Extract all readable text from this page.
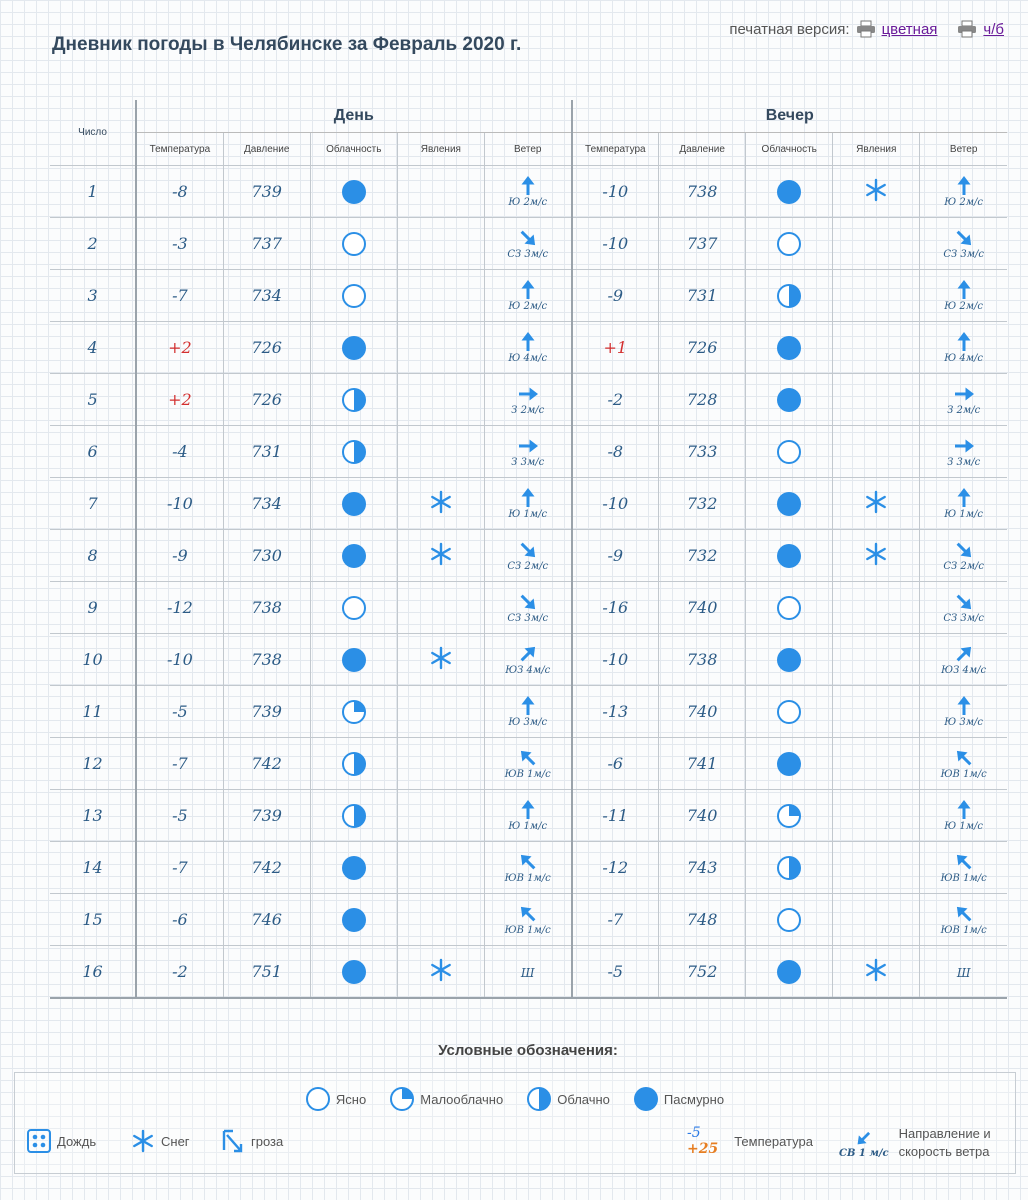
Дневник погоды в Челябинске за Февраль 2020 г.
печатная версия: цветная	ч/б
Число	День					Вечер				
	Температура	Давление	Облачность	Явления	Ветер	Температура	Давление	Облачность	Явления	Ветер
1	-8	739			Ю 2м/с	-10	738			Ю 2м/с

2	-3	737			СЗ 3м/с	-10	737			СЗ 3м/с

3	-7	734			Ю 2м/с	-9	731			Ю 2м/с

4	+2	726			Ю 4м/с	+1	726			Ю 4м/с

5	+2	726			З 2м/с	-2	728			З 2м/с

6	-4	731			З 3м/с	-8	733			З 3м/с

7	-10	734			Ю 1м/с	-10	732			Ю 1м/с

8	-9	730			СЗ 2м/с	-9	732			СЗ 2м/с

9	-12	738			СЗ 3м/с	-16	740			СЗ 3м/с

10	-10	738			ЮЗ 4м/с	-10	738			ЮЗ 4м/с

11	-5	739			Ю 3м/с	-13	740			Ю 3м/с

12	-7	742			ЮВ 1м/с	-6	741			ЮВ 1м/с

13	-5	739			Ю 1м/с	-11	740			Ю 1м/с

14	-7	742			ЮВ 1м/с	-12	743			ЮВ 1м/с

15	-6	746			ЮВ 1м/с	-7	748			ЮВ 1м/с

16	-2	751			Ш	-5	752			Ш
Условные обозначения:
Ясно	Малооблачно	Облачно	Пасмурно
Дождь	Снег	гроза	-5
+25 Температура
СВ 1 м/с
Направление и
скорость ветра
